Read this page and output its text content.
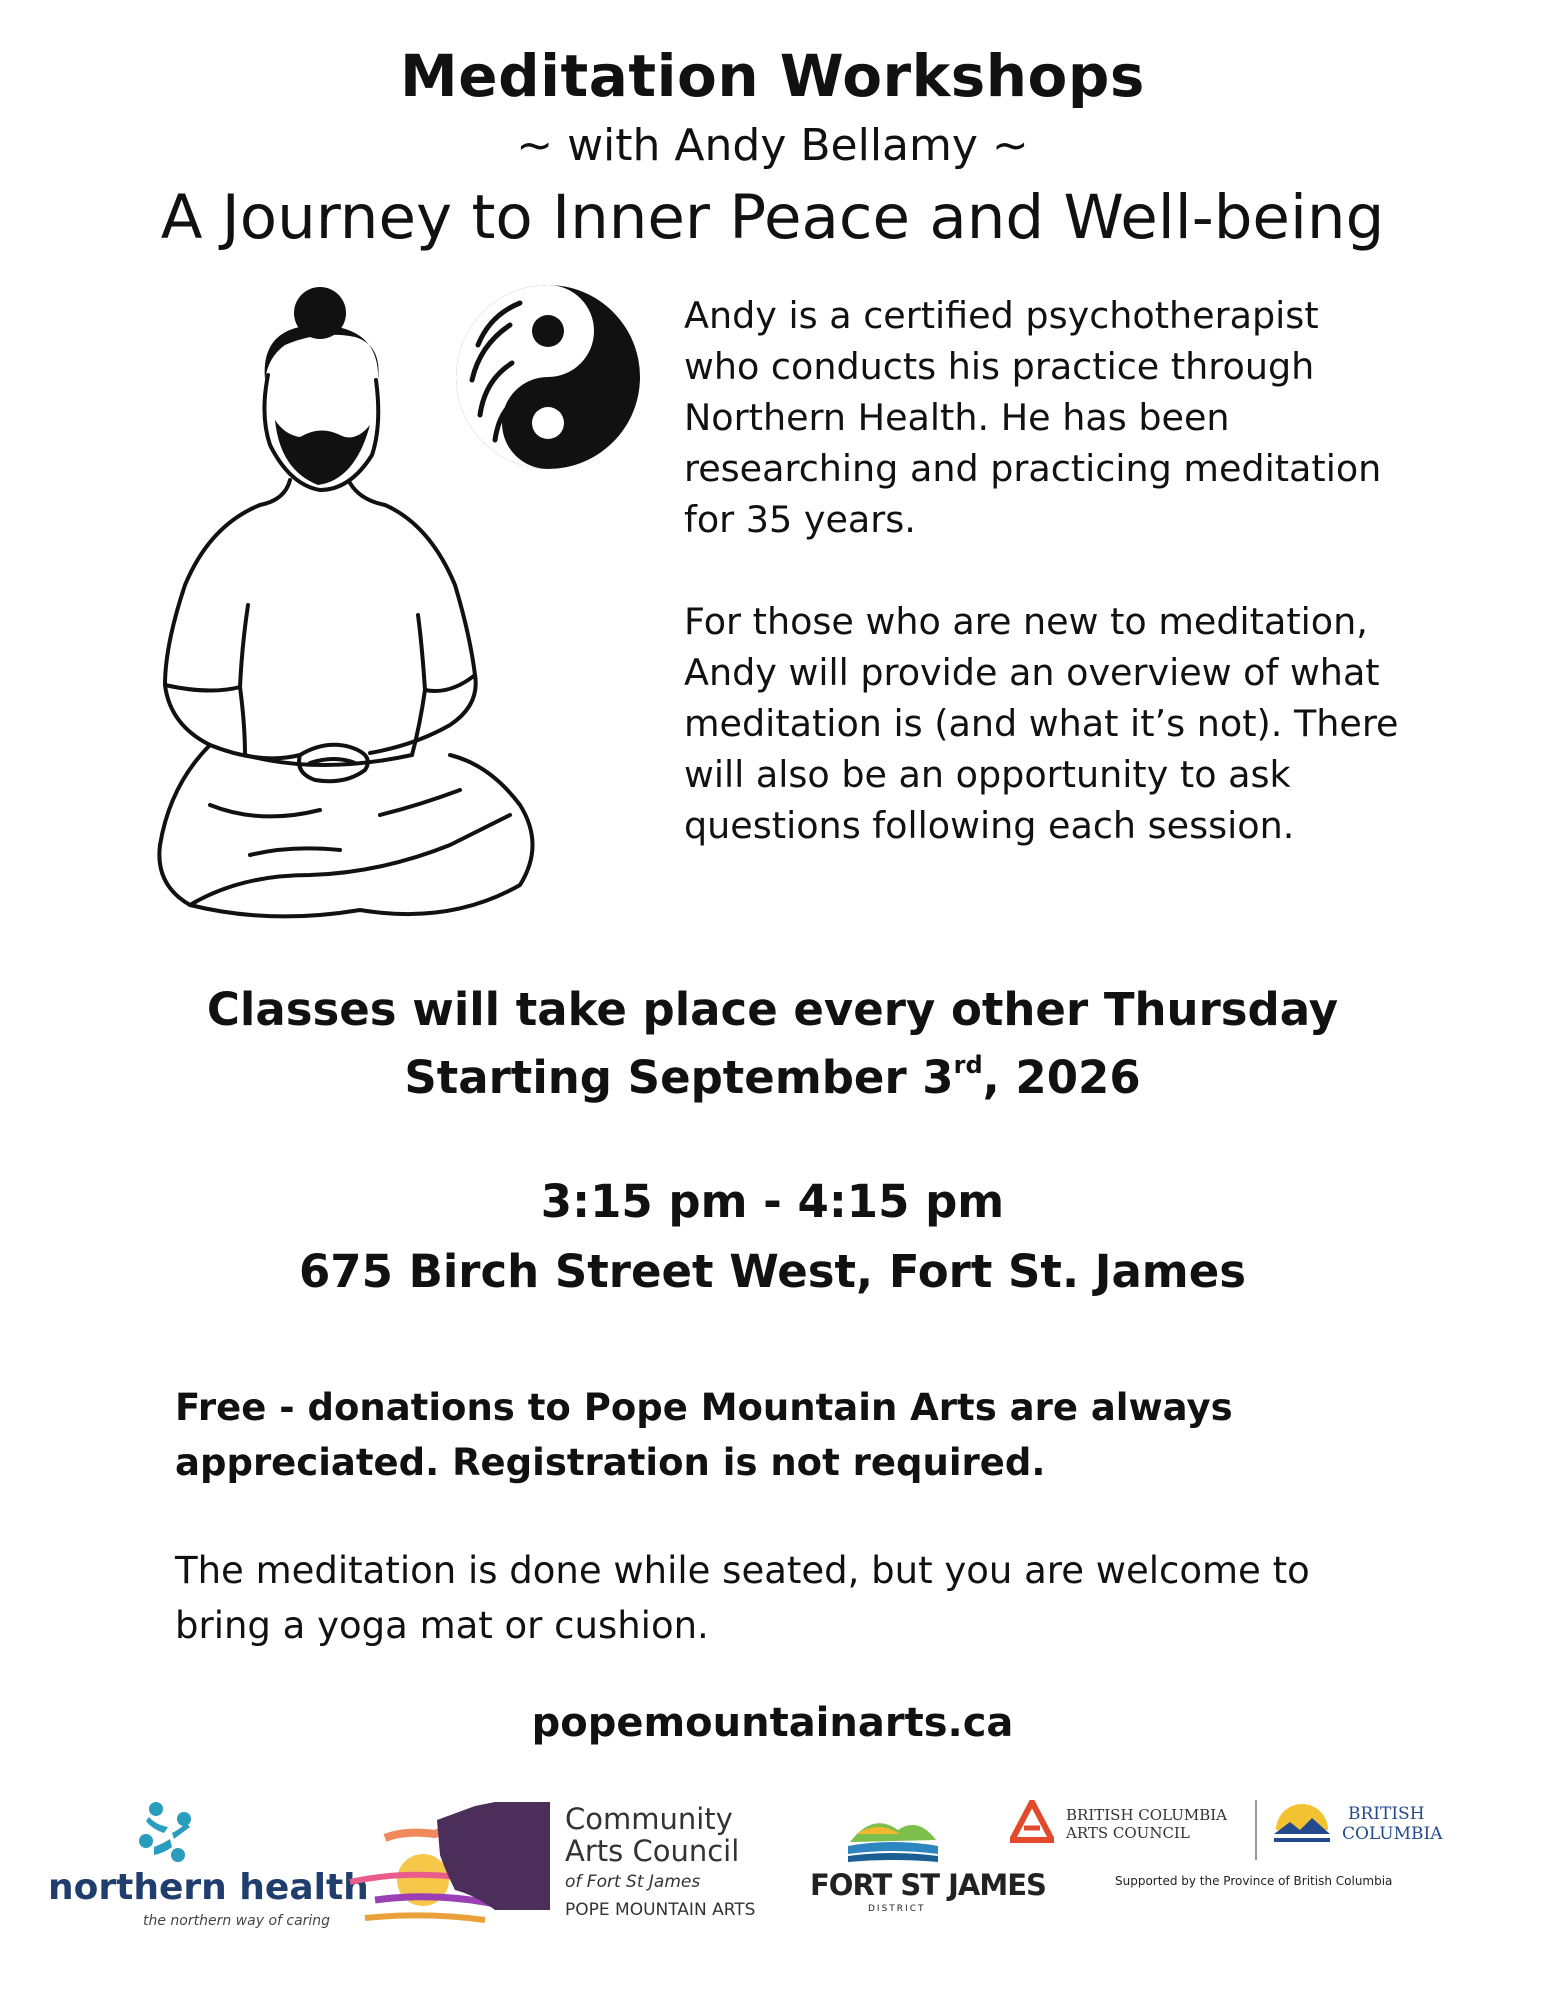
Meditation Workshops
~ with Andy Bellamy ~
A Journey to Inner Peace and Well-being
Andy is a certified psychotherapist who conducts his practice through Northern Health. He has been researching and practicing meditation for 35 years.
For those who are new to meditation, Andy will provide an overview of what meditation is (and what it’s not). There will also be an opportunity to ask questions following each session.
Classes will take place every other Thursday
Starting September 3rd, 2026
3:15 pm - 4:15 pm
675 Birch Street West, Fort St. James
Free - donations to Pope Mountain Arts are always appreciated. Registration is not required.
The meditation is done while seated, but you are welcome to bring a yoga mat or cushion.
popemountainarts.ca
northern health
the northern way of caring
Community
Arts Council
of Fort St James
POPE MOUNTAIN ARTS
FORT ST JAMES
DISTRICT
BRITISH COLUMBIA
ARTS COUNCIL
BRITISH
COLUMBIA
Supported by the Province of British Columbia
